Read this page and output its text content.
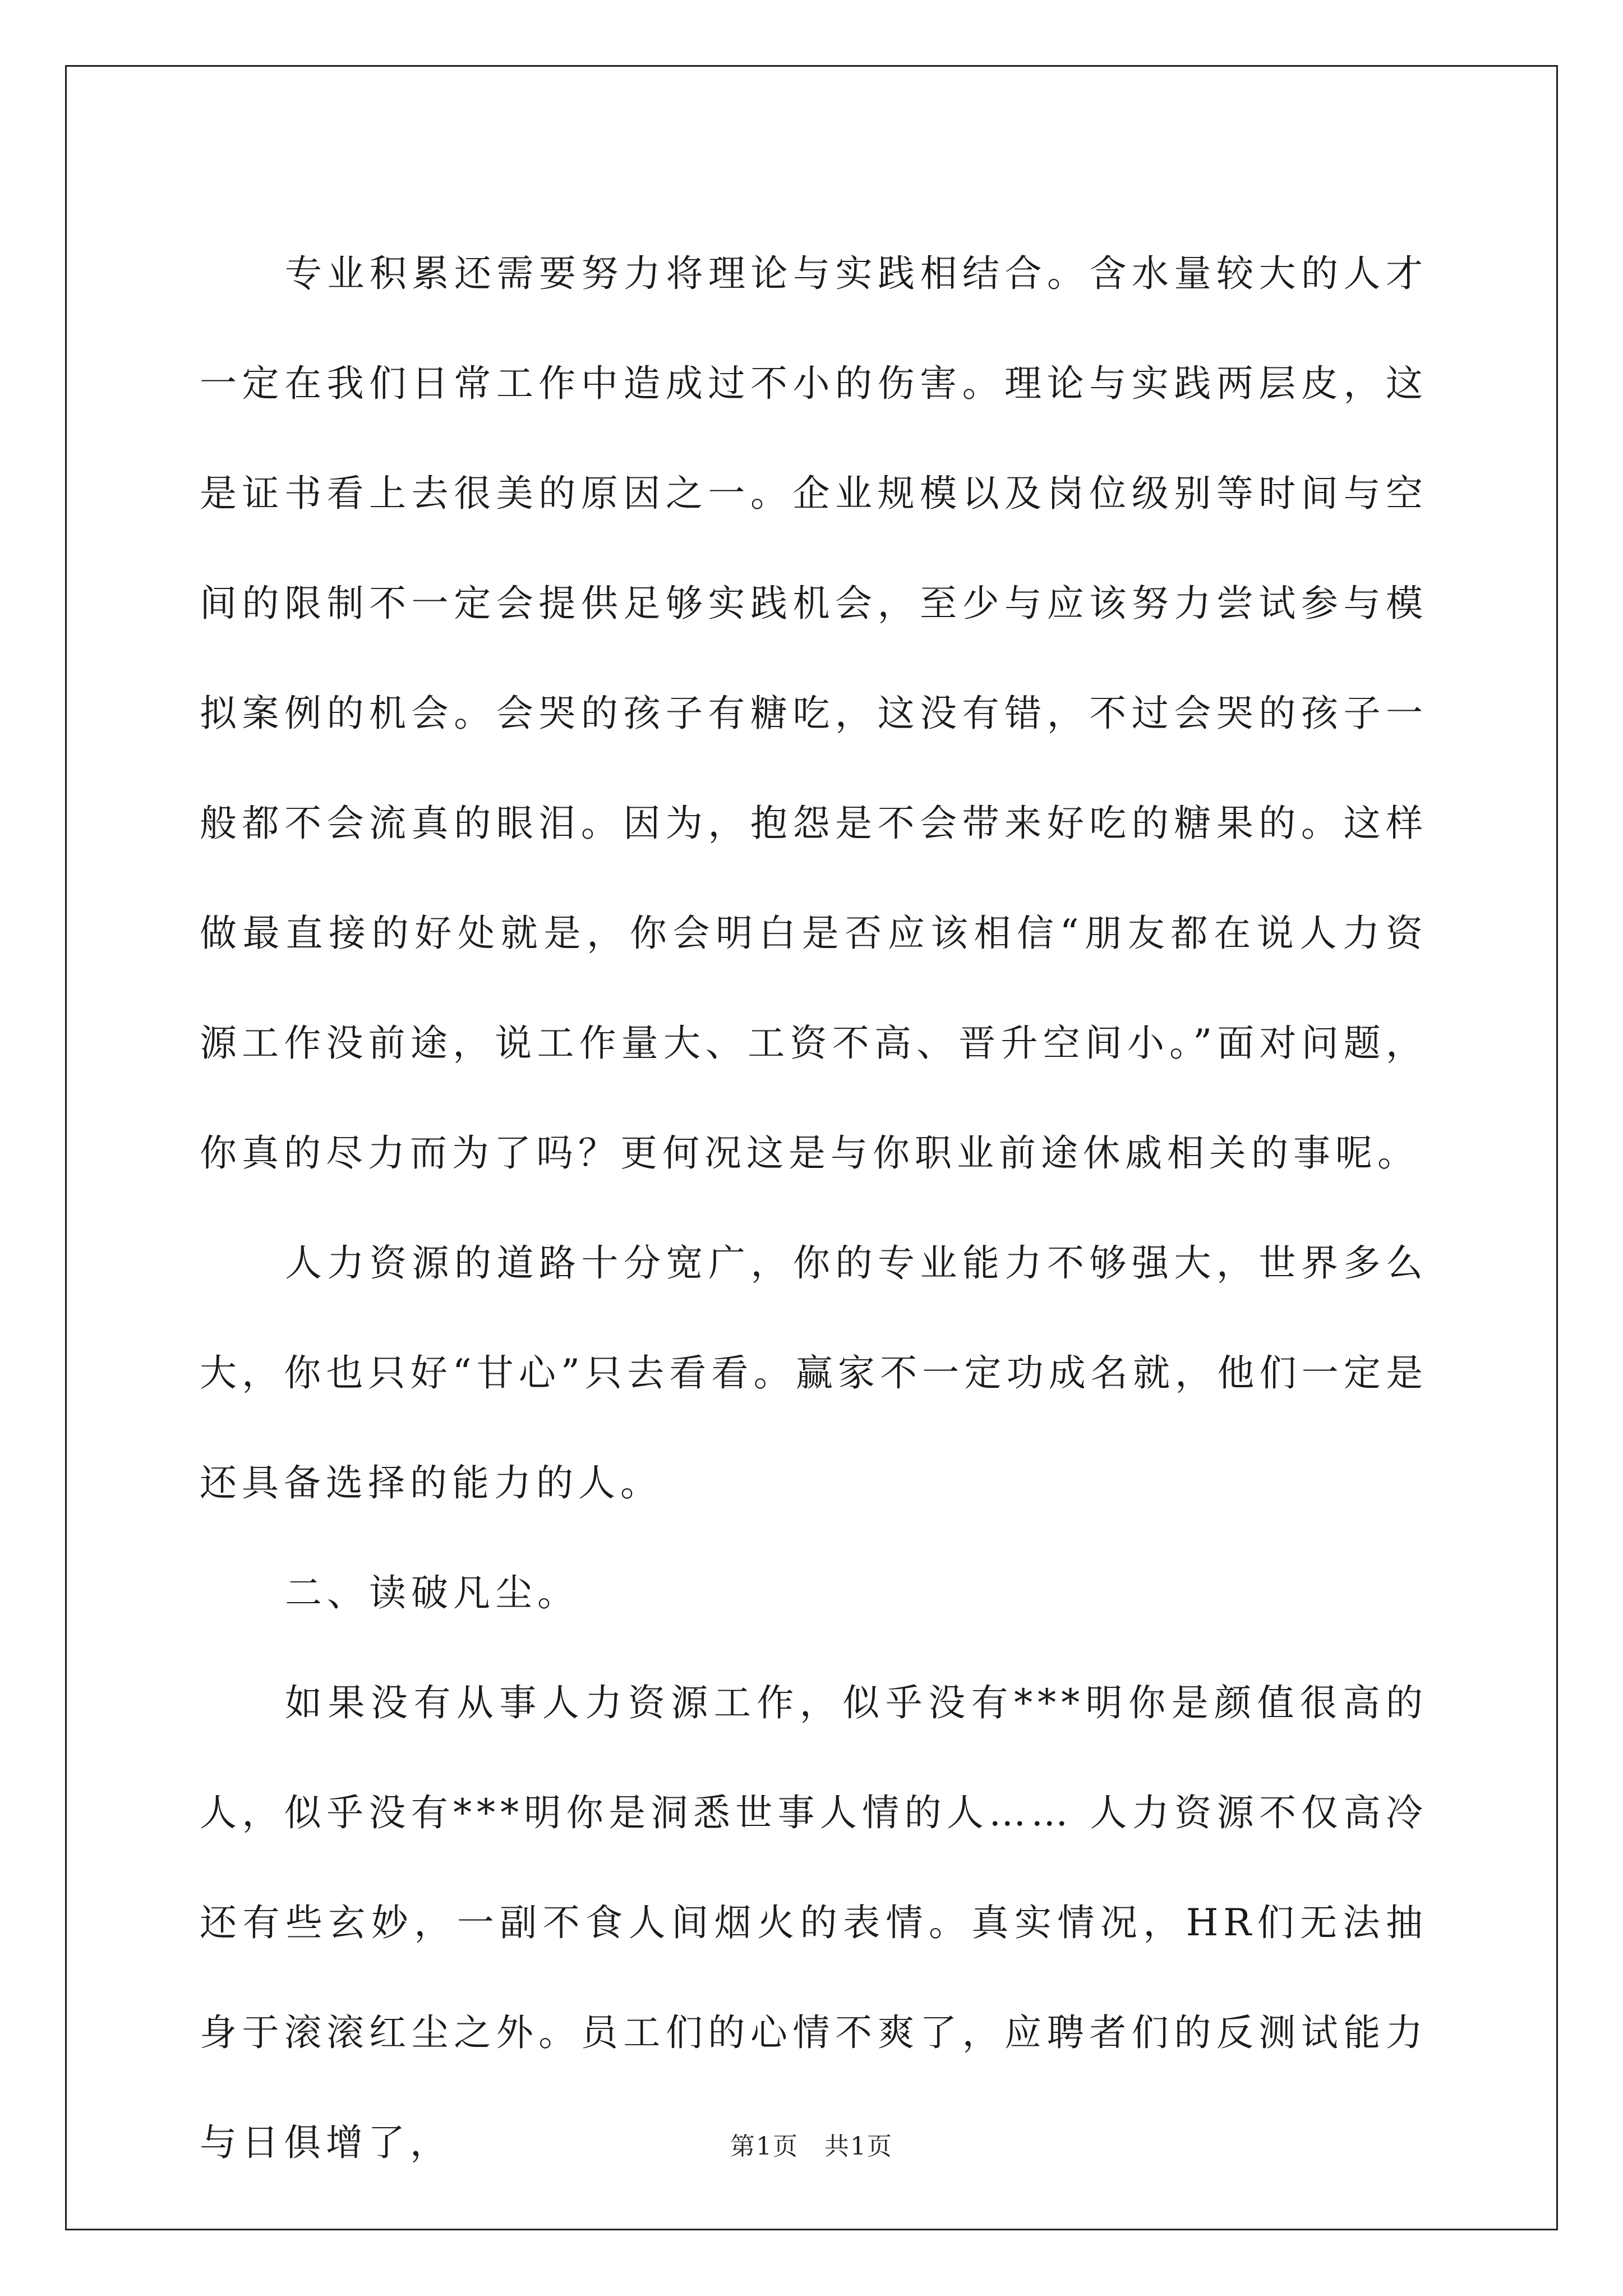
专业积累还需要努力将理论与实践相结合。含水量较大的人才一定在我们日常工作中造成过不小的伤害。理论与实践两层皮，这是证书看上去很美的原因之一。企业规模以及岗位级别等时间与空间的限制不一定会提供足够实践机会，至少与应该努力尝试参与模拟案例的机会。会哭的孩子有糖吃，这没有错，不过会哭的孩子一般都不会流真的眼泪。因为，抱怨是不会带来好吃的糖果的。这样做最直接的好处就是，你会明白是否应该相信“朋友都在说人力资源工作没前途，说工作量大、工资不高、晋升空间小。”面对问题，你真的尽力而为了吗？更何况这是与你职业前途休戚相关的事呢。

人力资源的道路十分宽广，你的专业能力不够强大，世界多么大，你也只好“甘心”只去看看。赢家不一定功成名就，他们一定是还具备选择的能力的人。

二、读破凡尘。

如果没有从事人力资源工作，似乎没有***明你是颜值很高的人，似乎没有***明你是洞悉世事人情的人…… 人力资源不仅高冷还有些玄妙，一副不食人间烟火的表情。真实情况，HR们无法抽身于滚滚红尘之外。员工们的心情不爽了，应聘者们的反测试能力与日俱增了，	第1页　共1页
